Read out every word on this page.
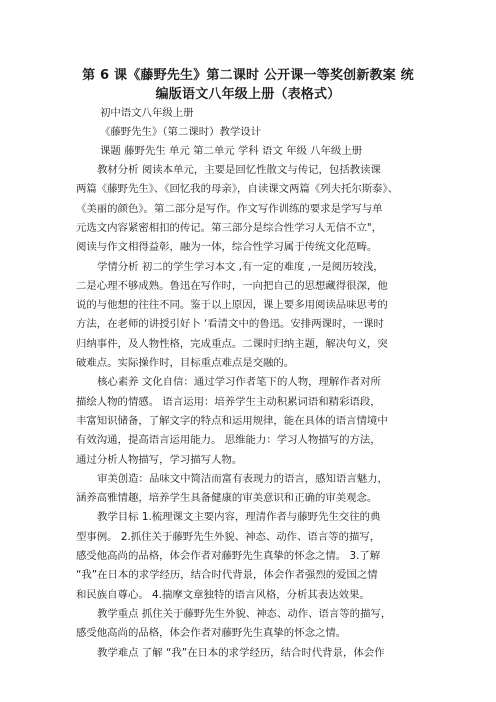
第 6 课《藤野先生》第二课时 公开课一等奖创新教案 统
编版语文八年级上册（表格式）
初中语文八年级上册
《藤野先生》（第二课时）教学设计
课题 藤野先生 单元 第二单元 学科 语文 年级 八年级上册
教材分析 阅读本单元，主要是回忆性散文与传记，包括教读课
两篇《藤野先生》、《回忆我的母亲》，自读课文两篇《列夫托尔斯泰》、
《美丽的颜色》。第二部分是写作。作文写作训练的要求是学写与单
元选文内容紧密相扣的传记。第三部分是综合性学习人无信不立"，
阅读与作文相得益彰，融为一体，综合性学习属于传统文化范畴。
学情分析 初二的学生学习本文 ,有一定的难度 ,一是阅历较浅，
二是心理不够成熟。鲁迅在写作时，一向把自己的思想藏得很深，他
说的与他想的往往不同。鉴于以上原因，课上要多用阅读品味思考的
方法，在老师的讲授引好卜 ‘看清文中的鲁迅。安排两课时，一课时
归纳事件，及人物性格，完成重点。二课时归纳主题，解决句义，突
破难点。实际操作时，目标重点难点是交融的。
核心素养 文化自信：通过学习作者笔下的人物，理解作者对所
描绘人物的情感。 语言运用：培养学生主动积累词语和精彩语段，
丰富知识储备，了解文字的特点和运用规律，能在具体的语言情境中
有效沟通，提高语言运用能力。 思维能力：学习人物描写的方法，
通过分析人物描写，学习描写人物。
审美创造：品味文中简洁而富有表现力的语言，感知语言魅力，
涵养高雅情趣，培养学生具备健康的审美意识和正确的审美观念。
教学目标 1.梳理课文主要内容，理清作者与藤野先生交往的典
型事例。 2.抓住关于藤野先生外貌、神态、动作、语言等的描写，
感受他高尚的品格，体会作者对藤野先生真挚的怀念之情。 3.了解
“我”在日本的求学经历，结合时代背景，体会作者强烈的爱国之情
和民族自尊心。 4.揣摩文章独特的语言风格，分析其表达效果。
教学重点 抓住关于藤野先生外貌、神态、动作、语言等的描写，
感受他高尚的品格，体会作者对藤野先生真挚的怀念之情。
教学难点 了解 “我”在日本的求学经历，结合时代背景，体会作
